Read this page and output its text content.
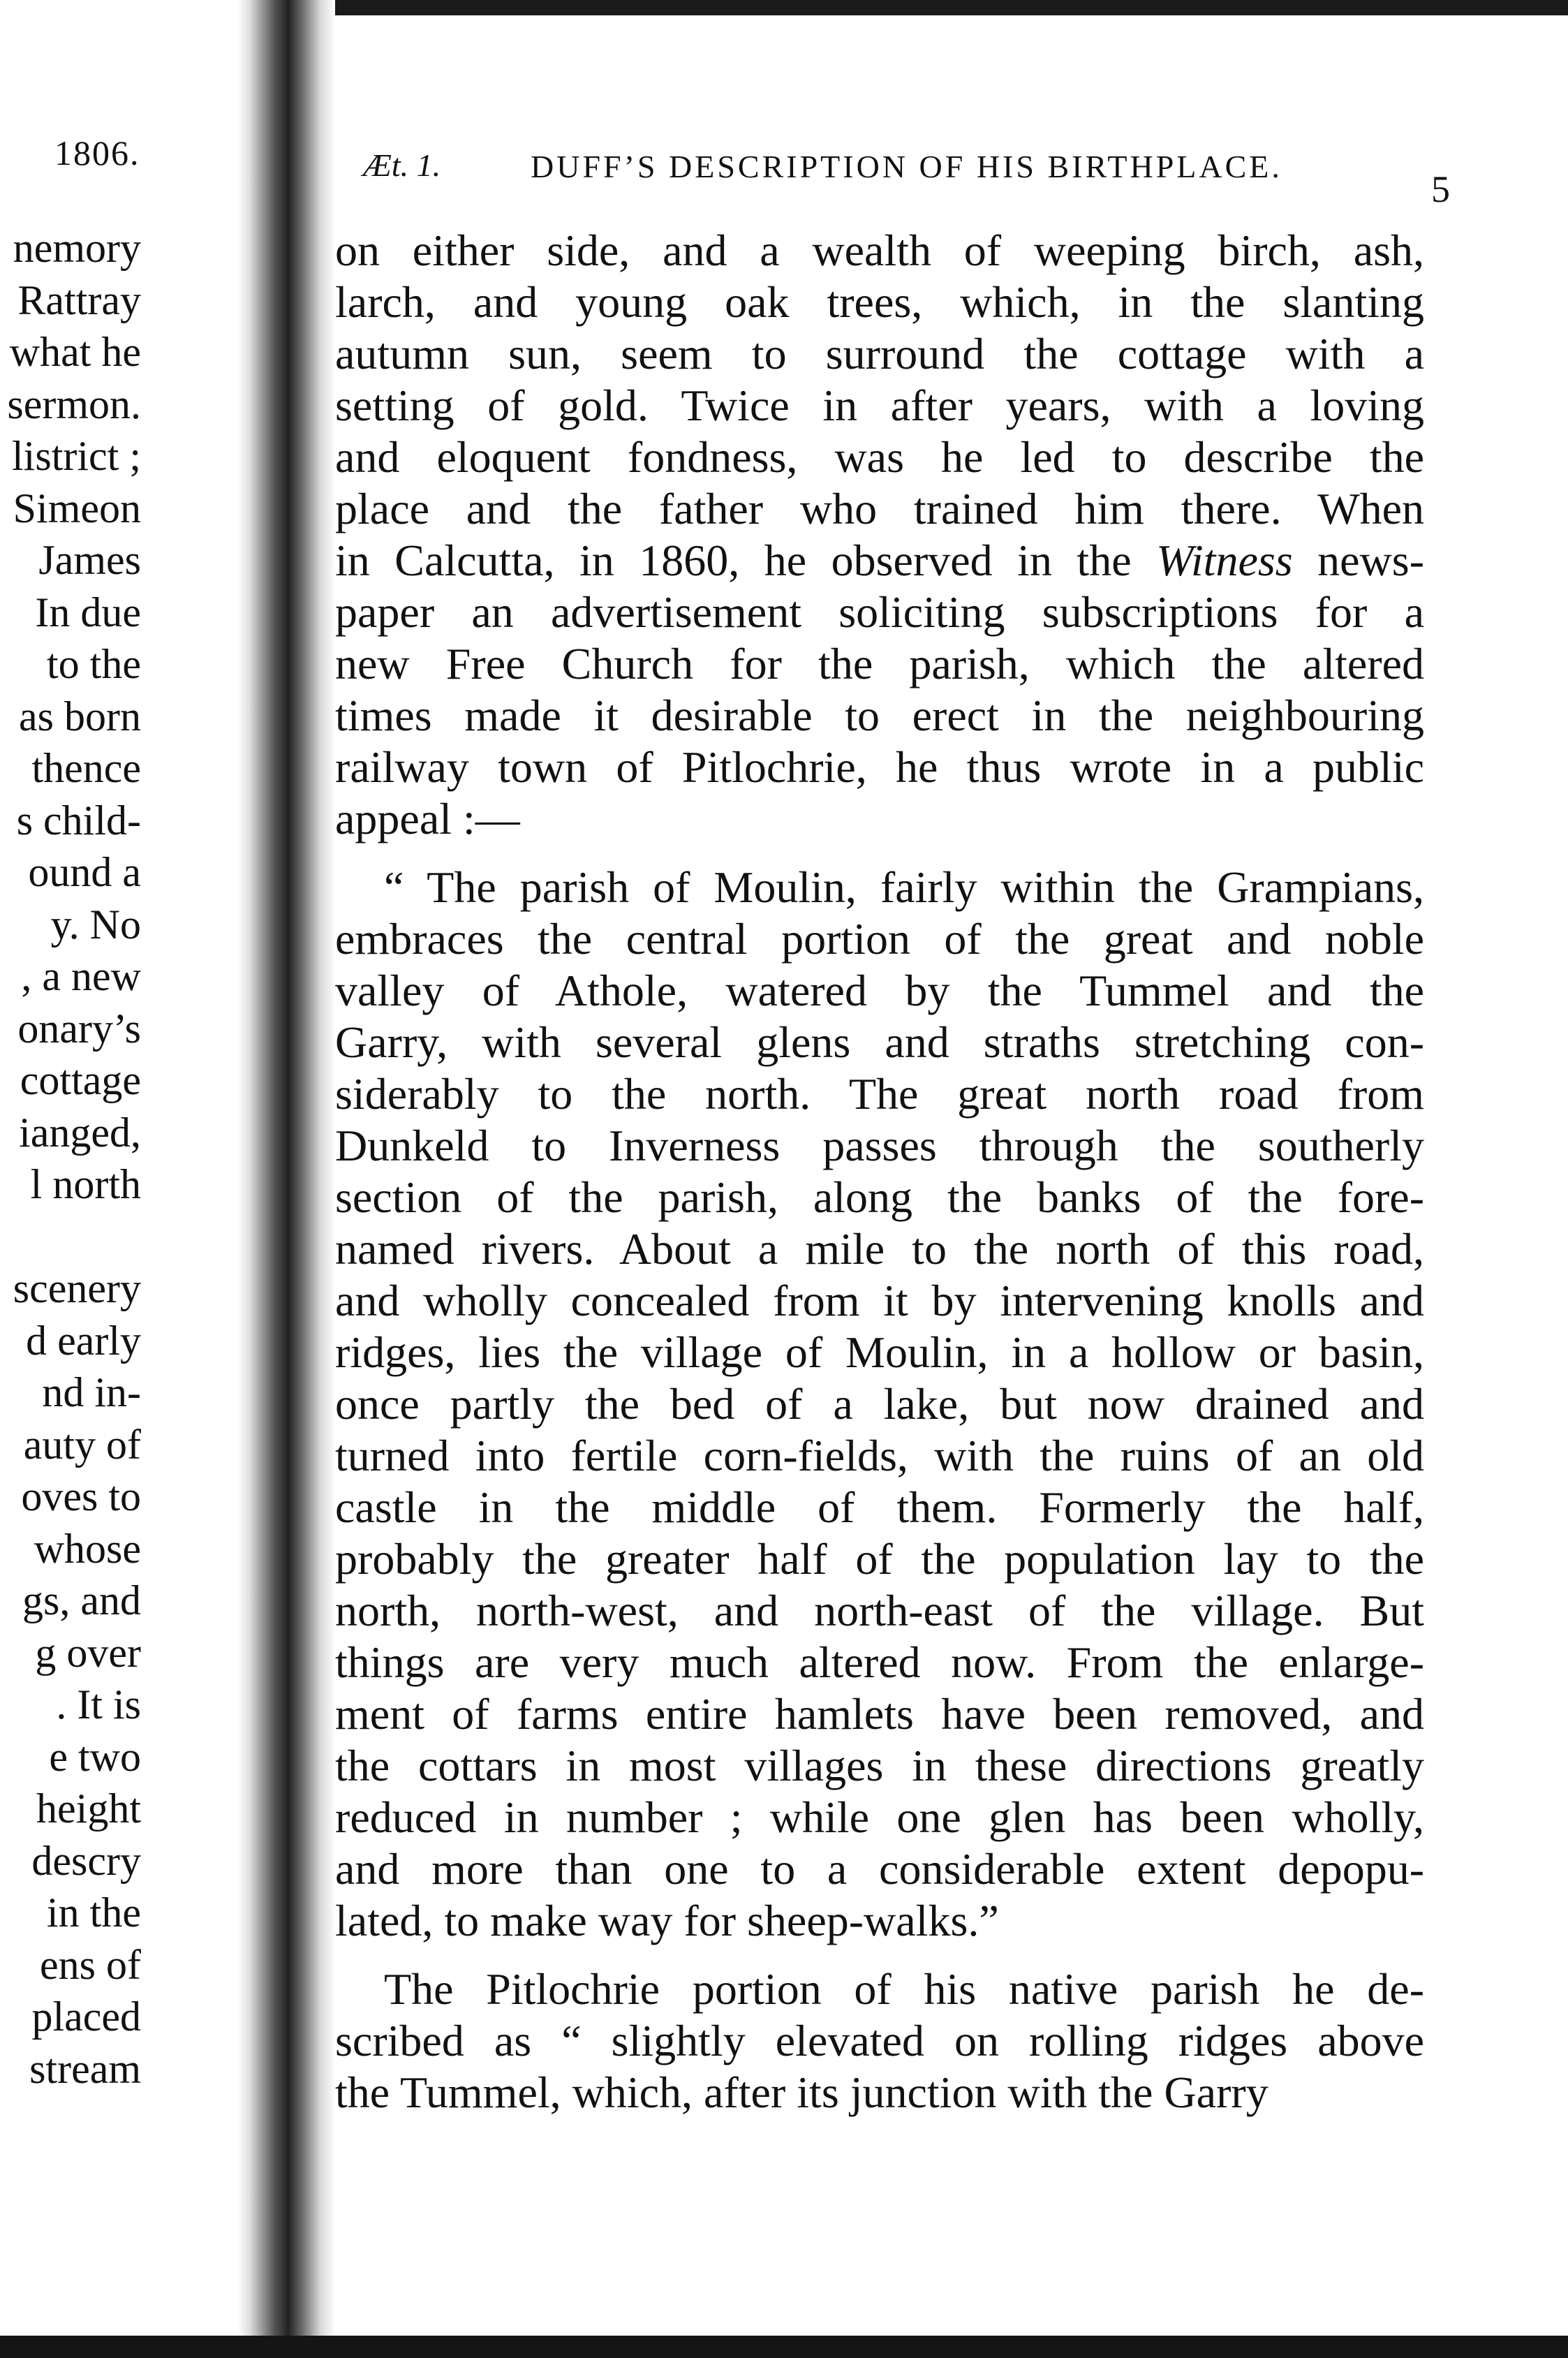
1806.
nemory
Rattray
what he
sermon.
listrict ;
Simeon
James
In due
to the
as born
thence
s child-
ound a
y. No
, a new
onary’s
cottage
ianged,
l north

scenery
d early
nd in-
auty of
oves to
whose
gs, and
g over
. It is
e two
height
descry
in the
ens of
placed
stream
Æt. 1.	DUFF’S DESCRIPTION OF HIS BIRTHPLACE.
5
on either side, and a wealth of weeping birch, ash,
larch, and young oak trees, which, in the slanting
autumn sun, seem to surround the cottage with a
setting of gold. Twice in after years, with a loving
and eloquent fondness, was he led to describe the
place and the father who trained him there. When
in Calcutta, in 1860, he observed in the Witness news-
paper an advertisement soliciting subscriptions for a
new Free Church for the parish, which the altered
times made it desirable to erect in the neighbouring
railway town of Pitlochrie, he thus wrote in a public
appeal :—
“ The parish of Moulin, fairly within the Grampians,
embraces the central portion of the great and noble
valley of Athole, watered by the Tummel and the
Garry, with several glens and straths stretching con-
siderably to the north. The great north road from
Dunkeld to Inverness passes through the southerly
section of the parish, along the banks of the fore-
named rivers. About a mile to the north of this road,
and wholly concealed from it by intervening knolls and
ridges, lies the village of Moulin, in a hollow or basin,
once partly the bed of a lake, but now drained and
turned into fertile corn-fields, with the ruins of an old
castle in the middle of them. Formerly the half,
probably the greater half of the population lay to the
north, north-west, and north-east of the village. But
things are very much altered now. From the enlarge-
ment of farms entire hamlets have been removed, and
the cottars in most villages in these directions greatly
reduced in number ; while one glen has been wholly,
and more than one to a considerable extent depopu-
lated, to make way for sheep-walks.”
The Pitlochrie portion of his native parish he de-
scribed as “ slightly elevated on rolling ridges above
the Tummel, which, after its junction with the Garry
